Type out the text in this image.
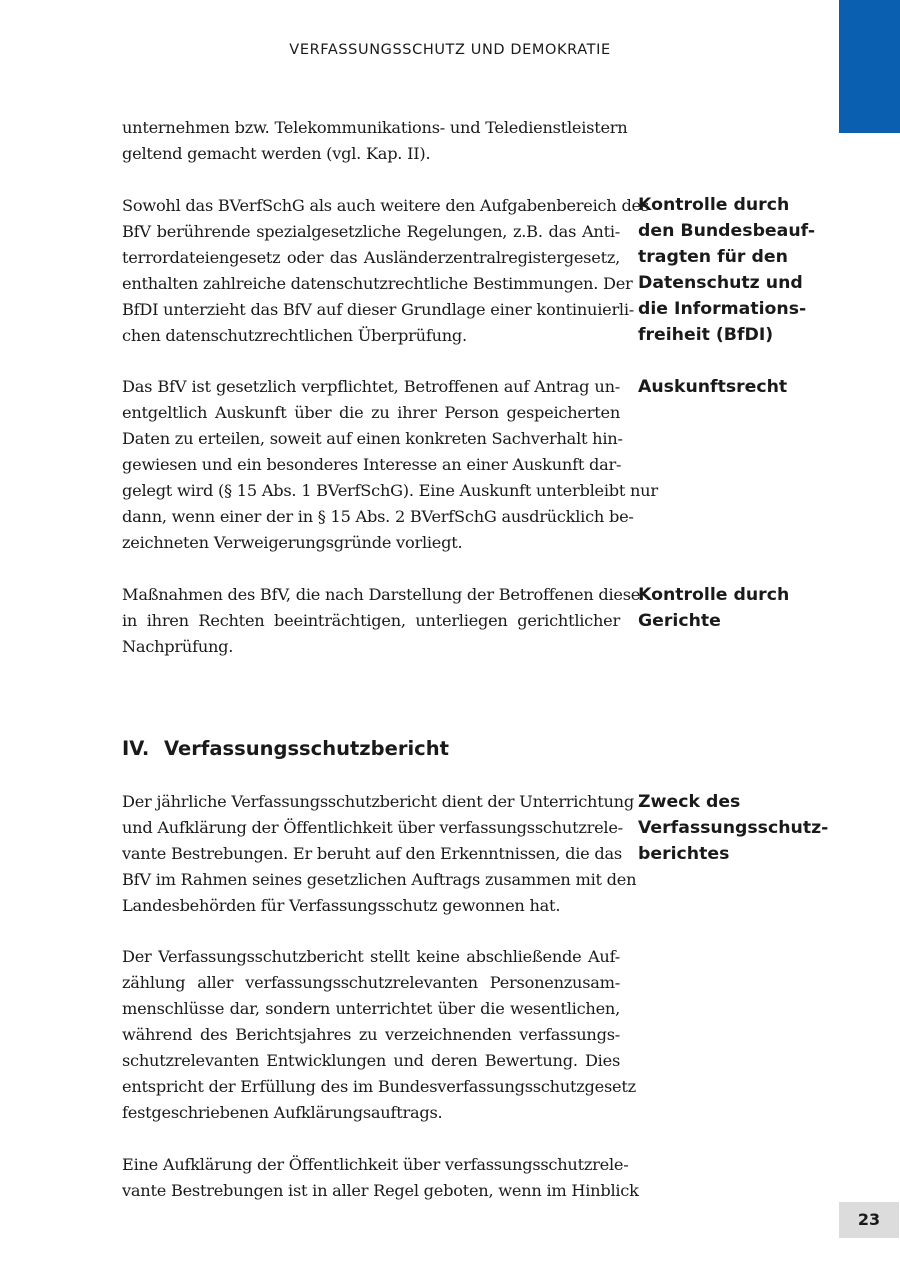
VERFASSUNGSSCHUTZ UND DEMOKRATIE

unternehmen bzw. Telekommunikations- und Teledienstleistern
geltend gemacht werden (vgl. Kap. II).

Sowohl das BVerfSchG als auch weitere den Aufgabenbereich des
BfV berührende spezialgesetzliche Regelungen, z.B. das Anti-
terrordateiengesetz oder das Ausländerzentralregistergesetz,
enthalten zahlreiche datenschutzrechtliche Bestimmungen. Der
BfDI unterzieht das BfV auf dieser Grundlage einer kontinuierli-
chen datenschutzrechtlichen Überprüfung.

Das BfV ist gesetzlich verpflichtet, Betroffenen auf Antrag un-
entgeltlich Auskunft über die zu ihrer Person gespeicherten
Daten zu erteilen, soweit auf einen konkreten Sachverhalt hin-
gewiesen und ein besonderes Interesse an einer Auskunft dar-
gelegt wird (§ 15 Abs. 1 BVerfSchG). Eine Auskunft unterbleibt nur
dann, wenn einer der in § 15 Abs. 2 BVerfSchG ausdrücklich be-
zeichneten Verweigerungsgründe vorliegt.

Maßnahmen des BfV, die nach Darstellung der Betroffenen diese
in ihren Rechten beeinträchtigen, unterliegen gerichtlicher
Nachprüfung.

IV. Verfassungsschutzbericht

Der jährliche Verfassungsschutzbericht dient der Unterrichtung
und Aufklärung der Öffentlichkeit über verfassungsschutzrele-
vante Bestrebungen. Er beruht auf den Erkenntnissen, die das
BfV im Rahmen seines gesetzlichen Auftrags zusammen mit den
Landesbehörden für Verfassungsschutz gewonnen hat.

Der Verfassungsschutzbericht stellt keine abschließende Auf-
zählung aller verfassungsschutzrelevanten Personenzusam-
menschlüsse dar, sondern unterrichtet über die wesentlichen,
während des Berichtsjahres zu verzeichnenden verfassungs-
schutzrelevanten Entwicklungen und deren Bewertung. Dies
entspricht der Erfüllung des im Bundesverfassungsschutzgesetz
festgeschriebenen Aufklärungsauftrags.

Eine Aufklärung der Öffentlichkeit über verfassungsschutzrele-
vante Bestrebungen ist in aller Regel geboten, wenn im Hinblick

Kontrolle durch
den Bundesbeauf-
tragten für den
Datenschutz und
die Informations-
freiheit (BfDI)
Auskunftsrecht
Kontrolle durch
Gerichte
Zweck des
Verfassungsschutz-
berichtes
23
